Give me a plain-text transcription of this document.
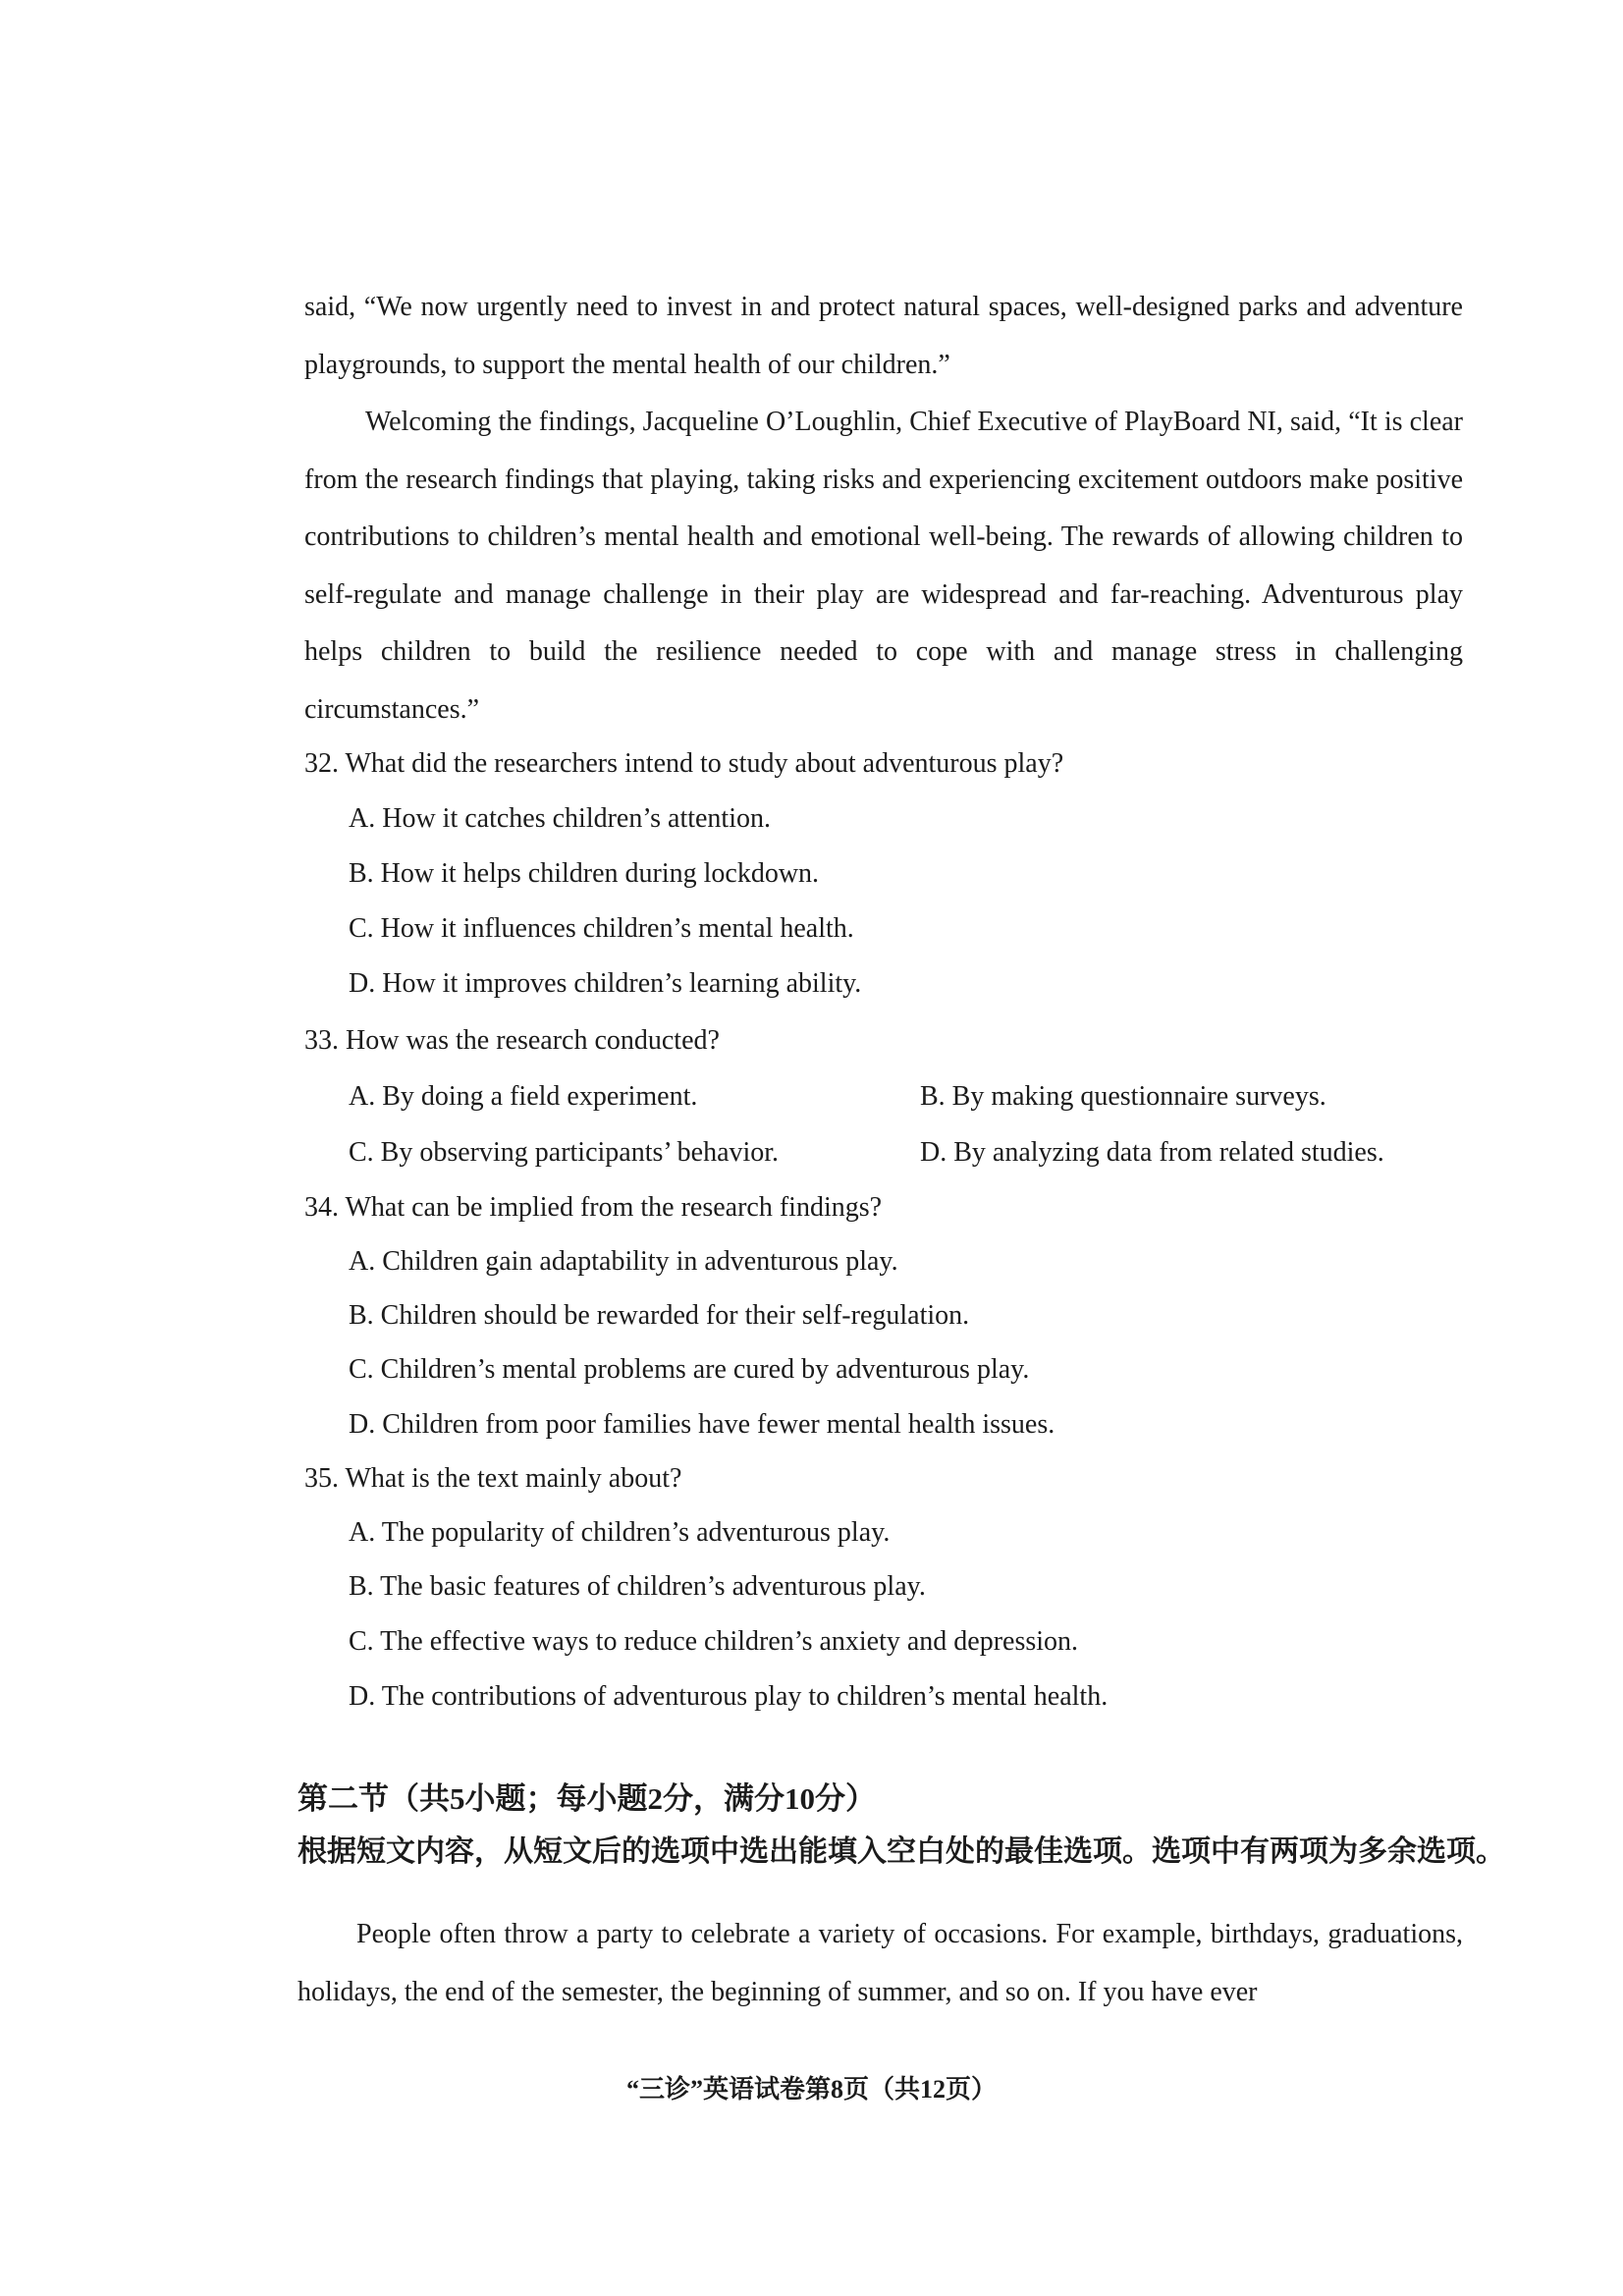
said, “We now urgently need to invest in and protect natural spaces, well-designed parks and adventure playgrounds, to support the mental health of our children.”

Welcoming the findings, Jacqueline O’Loughlin, Chief Executive of PlayBoard NI, said, “It is clear from the research findings that playing, taking risks and experiencing excitement outdoors make positive contributions to children’s mental health and emotional well-being. The rewards of allowing children to self-regulate and manage challenge in their play are widespread and far-reaching. Adventurous play helps children to build the resilience needed to cope with and manage stress in challenging circumstances.”

32. What did the researchers intend to study about adventurous play?

A. How it catches children’s attention.

B. How it helps children during lockdown.

C. How it influences children’s mental health.

D. How it improves children’s learning ability.

33. How was the research conducted?

A. By doing a field experiment.	B. By making questionnaire surveys.

C. By observing participants’ behavior.	D. By analyzing data from related studies.

34. What can be implied from the research findings?

A. Children gain adaptability in adventurous play.

B. Children should be rewarded for their self-regulation.

C. Children’s mental problems are cured by adventurous play.

D. Children from poor families have fewer mental health issues.

35. What is the text mainly about?

A. The popularity of children’s adventurous play.

B. The basic features of children’s adventurous play.

C. The effective ways to reduce children’s anxiety and depression.

D. The contributions of adventurous play to children’s mental health.

第二节（共5小题；每小题2分，满分10分）

根据短文内容，从短文后的选项中选出能填入空白处的最佳选项。选项中有两项为多余选项。

People often throw a party to celebrate a variety of occasions. For example, birthdays, graduations, holidays, the end of the semester, the beginning of summer, and so on. If you have ever

“三诊”英语试卷第8页（共12页）
